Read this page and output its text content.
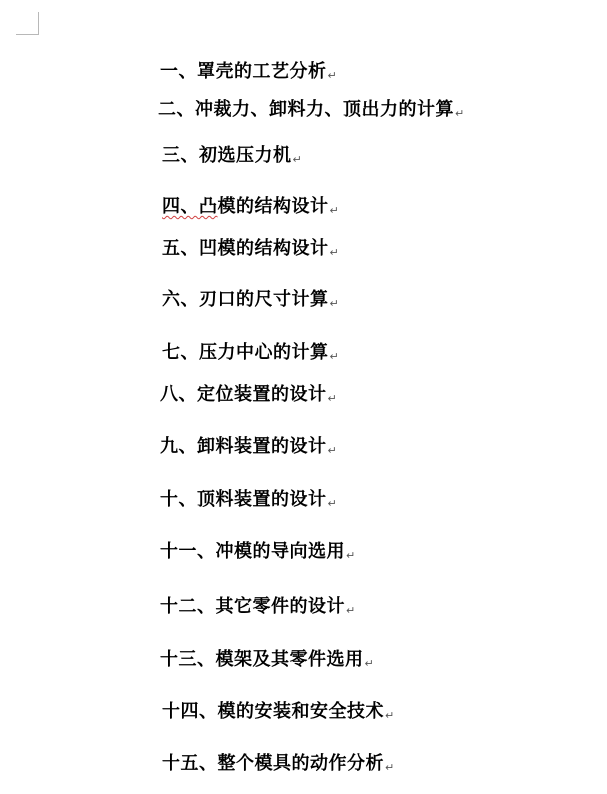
一、罩壳的工艺分析↵
二、冲裁力、卸料力、顶出力的计算↵
三、初选压力机↵
四、凸模的结构设计↵
五、凹模的结构设计↵
六、刃口的尺寸计算↵
七、压力中心的计算↵
八、定位装置的设计↵
九、卸料装置的设计↵
十、顶料装置的设计↵
十一、冲模的导向选用↵
十二、其它零件的设计↵
十三、模架及其零件选用↵
十四、模的安装和安全技术↵
十五、整个模具的动作分析↵
